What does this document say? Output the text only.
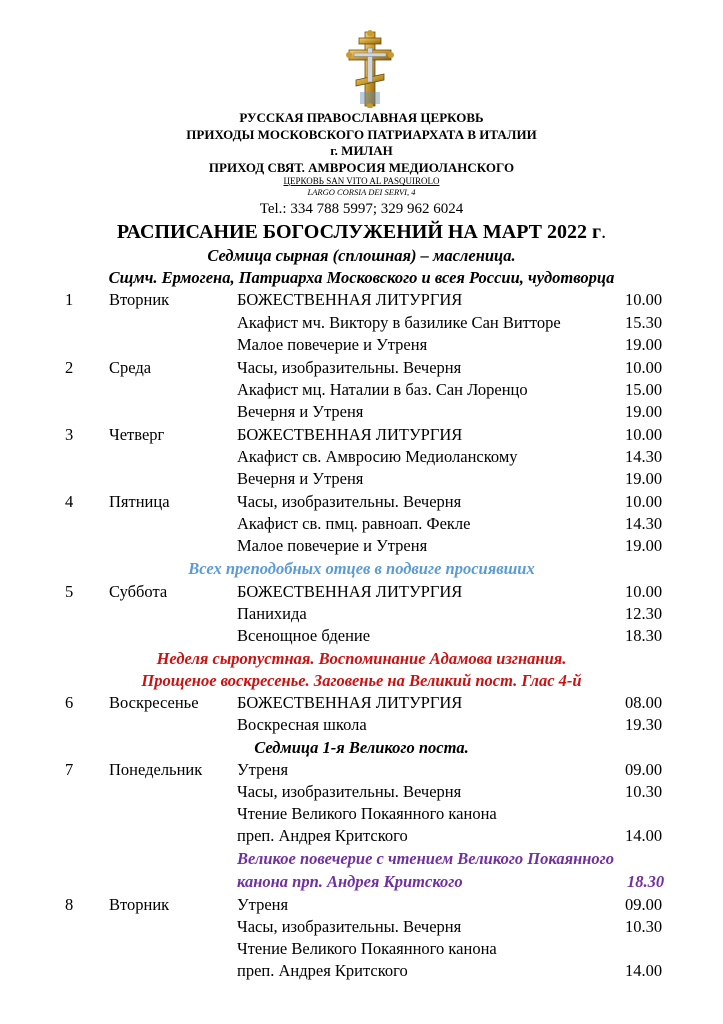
РУССКАЯ ПРАВОСЛАВНАЯ ЦЕРКОВЬ
ПРИХОДЫ МОСКОВСКОГО ПАТРИАРХАТА В ИТАЛИИ
г. МИЛАН
ПРИХОД СВЯТ. АМВРОСИЯ МЕДИОЛАНСКОГО
ЦЕРКОВЬ SAN VITO AL PASQUIROLO
LARGO CORSIA DEI SERVI, 4
Tel.: 334 788 5997; 329 962 6024
РАСПИСАНИЕ БОГОСЛУЖЕНИЙ НА МАРТ 2022 г.
Седмица сырная (сплошная) – масленица.
Сщмч. Ермогена, Патриарха Московского и всея России, чудотворца
Всех преподобных отцев в подвиге просиявших
Неделя сыропустная. Воспоминание Адамова изгнания.
Прощеное воскресенье. Заговенье на Великий пост. Глас 4-й
Седмица 1-я Великого поста.
1 Вторник	БОЖЕСТВЕННАЯ ЛИТУРГИЯ	10.00
Акафист мч. Виктору в базилике Сан Витторе	15.30
Малое повечерие и Утреня	19.00
2 Среда	Часы, изобразительны. Вечерня	10.00
Акафист мц. Наталии в баз. Сан Лоренцо	15.00
Вечерня и Утреня	19.00
3 Четверг	БОЖЕСТВЕННАЯ ЛИТУРГИЯ	10.00
Акафист св. Амвросию Медиоланскому	14.30
Вечерня и Утреня	19.00
4 Пятница	Часы, изобразительны. Вечерня	10.00
Акафист св. пмц. равноап. Фекле	14.30
Малое повечерие и Утреня	19.00
5 Суббота	БОЖЕСТВЕННАЯ ЛИТУРГИЯ	10.00
Панихида	12.30
Всенощное бдение	18.30
6 Воскресенье БОЖЕСТВЕННАЯ ЛИТУРГИЯ	08.00
Воскресная школа	19.30
7 Понедельник Утреня	09.00
Часы, изобразительны. Вечерня	10.30
Чтение Великого Покаянного канона
преп. Андрея Критского	14.00
Великое повечерие с чтением Великого Покаянного
канона прп. Андрея Критского	18.30
8 Вторник	Утреня	09.00
Часы, изобразительны. Вечерня	10.30
Чтение Великого Покаянного канона
преп. Андрея Критского	14.00
